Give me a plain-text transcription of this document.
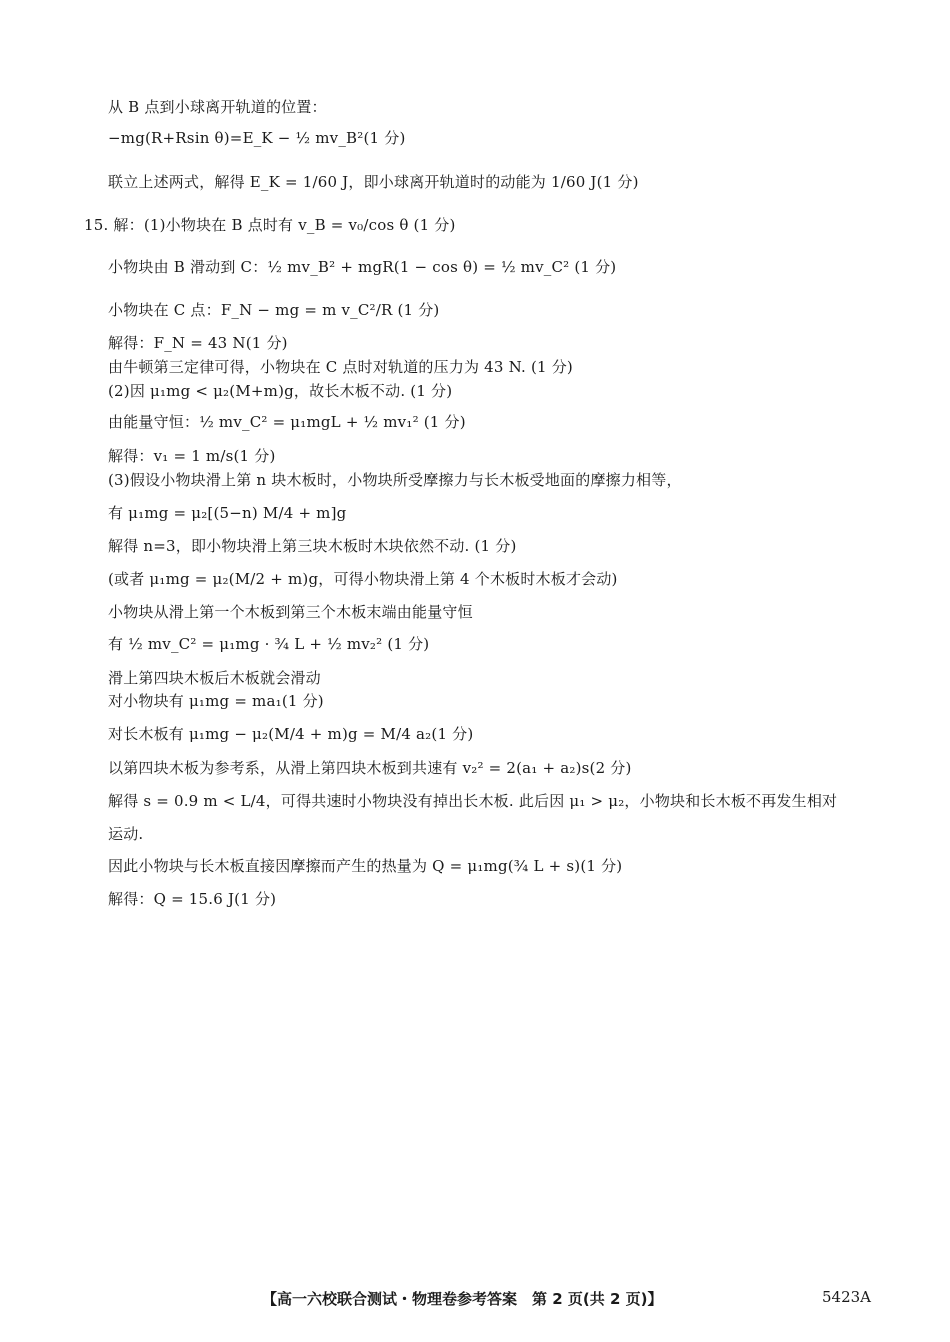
从 B 点到小球离开轨道的位置：
−mg(R+Rsin θ)=E_K − ½ mv_B²(1 分)
联立上述两式，解得 E_K = 1/60 J，即小球离开轨道时的动能为 1/60 J(1 分)
15. 解：(1)小物块在 B 点时有 v_B = v₀/cos θ (1 分)
小物块由 B 滑动到 C：½ mv_B² + mgR(1 − cos θ) = ½ mv_C² (1 分)
小物块在 C 点：F_N − mg = m v_C²/R (1 分)
解得：F_N = 43 N(1 分)
由牛顿第三定律可得，小物块在 C 点时对轨道的压力为 43 N. (1 分)
(2)因 μ₁mg < μ₂(M+m)g，故长木板不动. (1 分)
由能量守恒：½ mv_C² = μ₁mgL + ½ mv₁² (1 分)
解得：v₁ = 1 m/s(1 分)
(3)假设小物块滑上第 n 块木板时，小物块所受摩擦力与长木板受地面的摩擦力相等，
有 μ₁mg = μ₂[(5−n) M/4 + m]g
解得 n=3，即小物块滑上第三块木板时木块依然不动. (1 分)
(或者 μ₁mg = μ₂(M/2 + m)g，可得小物块滑上第 4 个木板时木板才会动)
小物块从滑上第一个木板到第三个木板末端由能量守恒
有 ½ mv_C² = μ₁mg · ¾ L + ½ mv₂² (1 分)
滑上第四块木板后木板就会滑动
对小物块有 μ₁mg = ma₁(1 分)
对长木板有 μ₁mg − μ₂(M/4 + m)g = M/4 a₂(1 分)
以第四块木板为参考系，从滑上第四块木板到共速有 v₂² = 2(a₁ + a₂)s(2 分)
解得 s = 0.9 m < L/4，可得共速时小物块没有掉出长木板. 此后因 μ₁ > μ₂，小物块和长木板不再发生相对
运动.
因此小物块与长木板直接因摩擦而产生的热量为 Q = μ₁mg(¾ L + s)(1 分)
解得：Q = 15.6 J(1 分)
【高一六校联合测试・物理卷参考答案　第 2 页(共 2 页)】	5423A
